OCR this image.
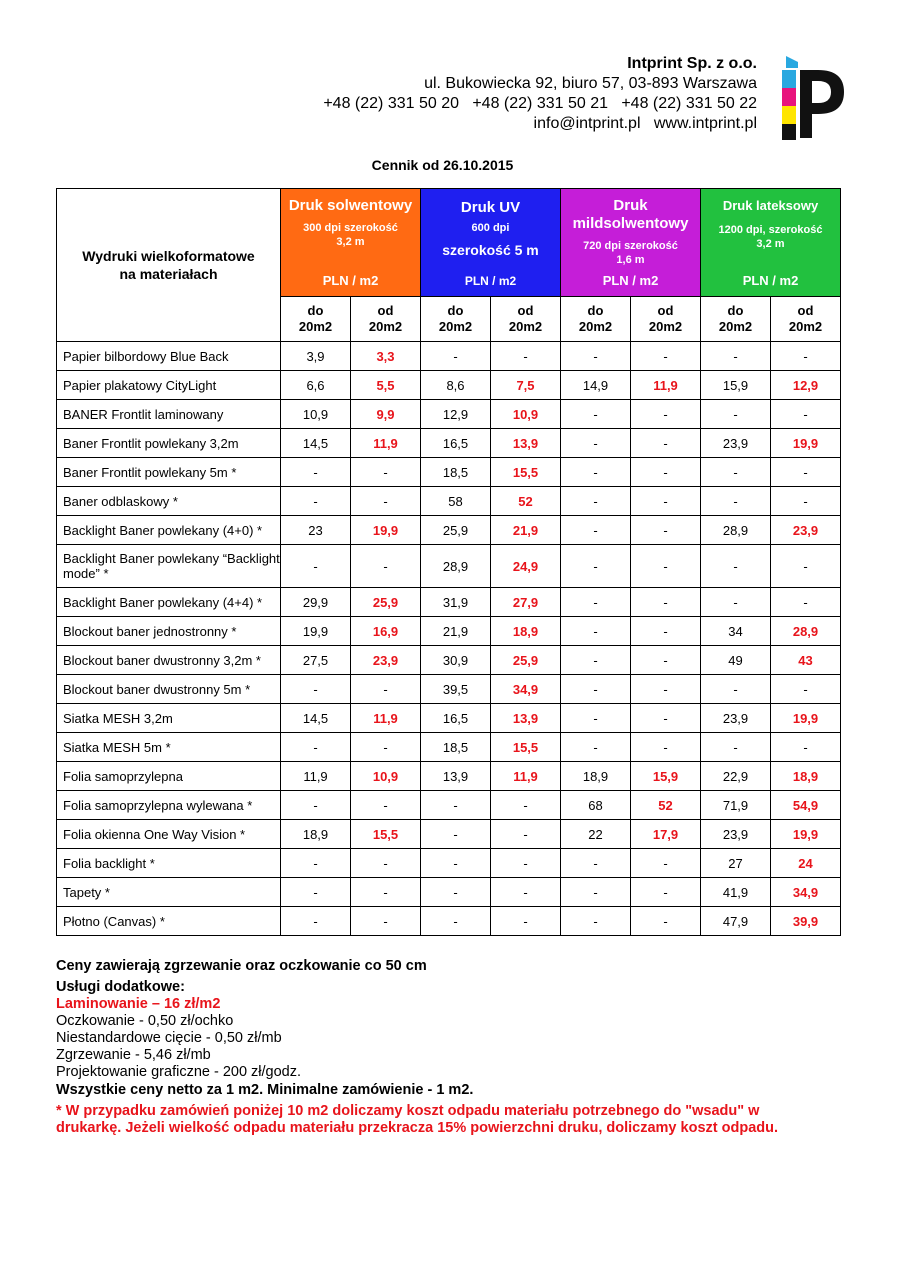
Intprint Sp. z o.o.
ul. Bukowiecka 92, biuro 57, 03-893 Warszawa
+48 (22) 331 50 20   +48 (22) 331 50 21   +48 (22) 331 50 22
info@intprint.pl   www.intprint.pl
Cennik od 26.10.2015
Wydruki wielkoformatowe na materiałach	Druk solwentowy
300 dpi szerokość 3,2 m
PLN / m2		Druk UV
600 dpi
szerokość 5 m
PLN / m2		Druk mildsolwentowy
720 dpi szerokość 1,6 m
PLN / m2		Druk lateksowy
1200 dpi, szerokość 3,2 m
PLN / m2	

	do 20m2	od 20m2	do 20m2	od 20m2	do 20m2	od 20m2	do 20m2	od 20m2
Papier bilbordowy Blue Back	3,9	3,3	-	-	-	-	-	-
Papier plakatowy CityLight	6,6	5,5	8,6	7,5	14,9	11,9	15,9	12,9
BANER Frontlit laminowany	10,9	9,9	12,9	10,9	-	-	-	-
Baner Frontlit powlekany 3,2m	14,5	11,9	16,5	13,9	-	-	23,9	19,9
Baner Frontlit powlekany 5m *	-	-	18,5	15,5	-	-	-	-
Baner odblaskowy *	-	-	58	52	-	-	-	-
Backlight Baner powlekany (4+0) *	23	19,9	25,9	21,9	-	-	28,9	23,9
Backlight Baner powlekany “Backlight mode” *	-	-	28,9	24,9	-	-	-	-
Backlight Baner powlekany (4+4) *	29,9	25,9	31,9	27,9	-	-	-	-
Blockout baner jednostronny *	19,9	16,9	21,9	18,9	-	-	34	28,9
Blockout baner dwustronny 3,2m *	27,5	23,9	30,9	25,9	-	-	49	43
Blockout baner dwustronny 5m *	-	-	39,5	34,9	-	-	-	-
Siatka MESH 3,2m	14,5	11,9	16,5	13,9	-	-	23,9	19,9
Siatka MESH 5m *	-	-	18,5	15,5	-	-	-	-
Folia samoprzylepna	11,9	10,9	13,9	11,9	18,9	15,9	22,9	18,9
Folia samoprzylepna wylewana *	-	-	-	-	68	52	71,9	54,9
Folia okienna One Way Vision *	18,9	15,5	-	-	22	17,9	23,9	19,9
Folia backlight *	-	-	-	-	-	-	27	24
Tapety *	-	-	-	-	-	-	41,9	34,9
Płotno (Canvas) *	-	-	-	-	-	-	47,9	39,9

Ceny zawierają zgrzewanie oraz oczkowanie co 50 cm

Usługi dodatkowe:

Laminowanie – 16 zł/m2

Oczkowanie - 0,50 zł/ochko

Niestandardowe cięcie - 0,50 zł/mb

Zgrzewanie - 5,46 zł/mb

Projektowanie graficzne - 200 zł/godz.

Wszystkie ceny netto za 1 m2. Minimalne zamówienie - 1 m2.

* W przypadku zamówień poniżej 10 m2 doliczamy koszt odpadu materiału potrzebnego do "wsadu" w drukarkę. Jeżeli wielkość odpadu materiału przekracza 15% powierzchni druku, doliczamy koszt odpadu.
